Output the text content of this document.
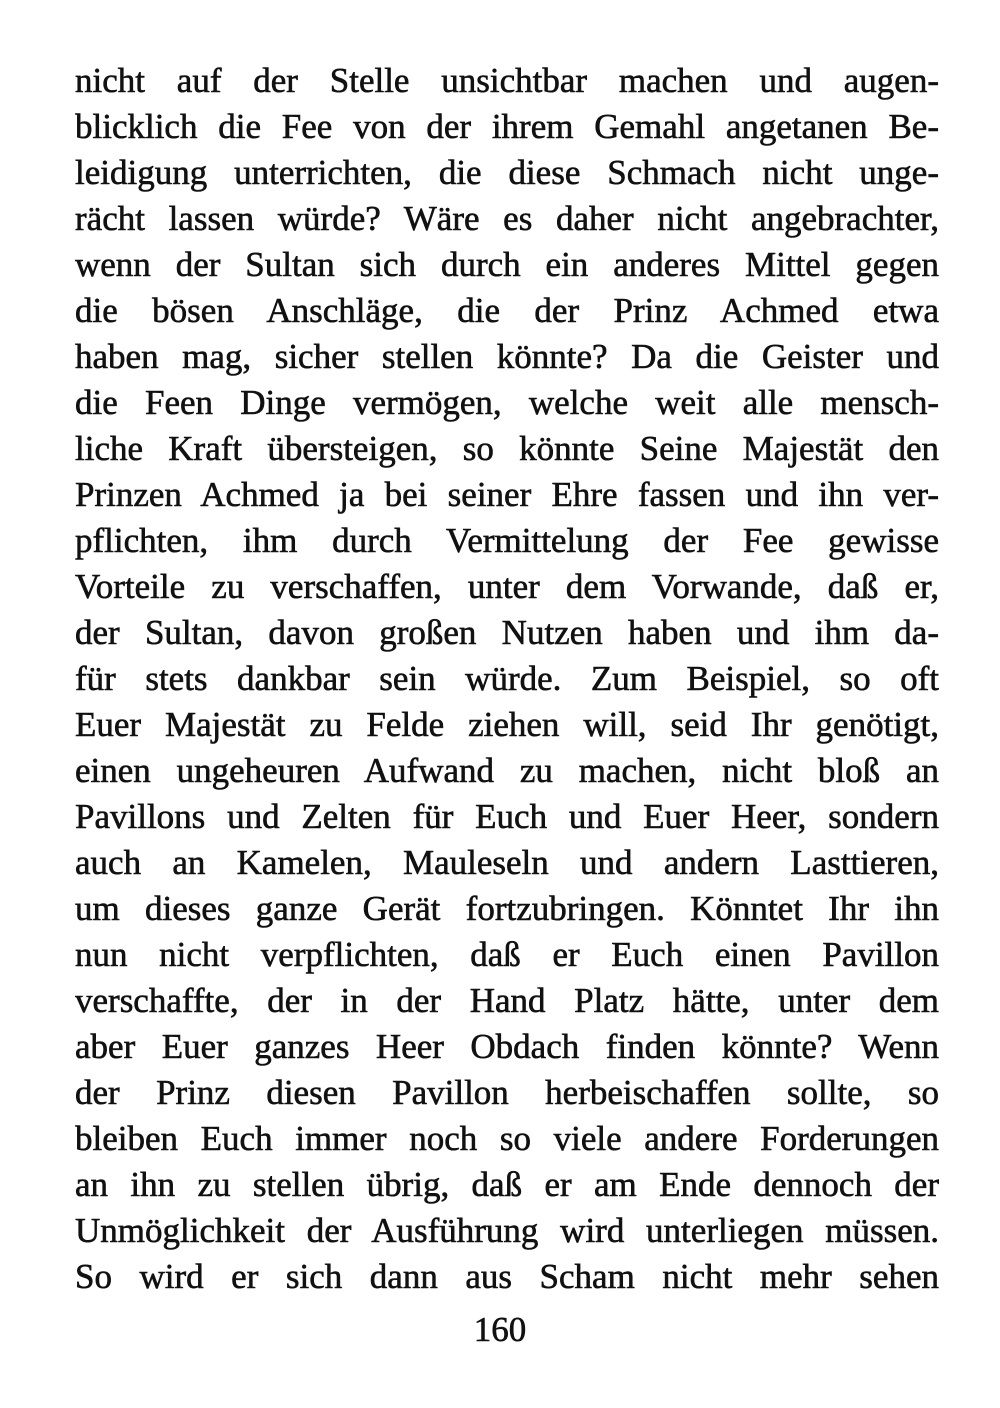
nicht auf der Stelle unsichtbar machen und augen-
blicklich die Fee von der ihrem Gemahl angetanen Be-
leidigung unterrichten, die diese Schmach nicht unge-
rächt lassen würde? Wäre es daher nicht angebrachter,
wenn der Sultan sich durch ein anderes Mittel gegen
die bösen Anschläge, die der Prinz Achmed etwa
haben mag, sicher stellen könnte? Da die Geister und
die Feen Dinge vermögen, welche weit alle mensch-
liche Kraft übersteigen, so könnte Seine Majestät den
Prinzen Achmed ja bei seiner Ehre fassen und ihn ver-
pflichten, ihm durch Vermittelung der Fee gewisse
Vorteile zu verschaffen, unter dem Vorwande, daß er,
der Sultan, davon großen Nutzen haben und ihm da-
für stets dankbar sein würde. Zum Beispiel, so oft
Euer Majestät zu Felde ziehen will, seid Ihr genötigt,
einen ungeheuren Aufwand zu machen, nicht bloß an
Pavillons und Zelten für Euch und Euer Heer, sondern
auch an Kamelen, Mauleseln und andern Lasttieren,
um dieses ganze Gerät fortzubringen. Könntet Ihr ihn
nun nicht verpflichten, daß er Euch einen Pavillon
verschaffte, der in der Hand Platz hätte, unter dem
aber Euer ganzes Heer Obdach finden könnte? Wenn
der Prinz diesen Pavillon herbeischaffen sollte, so
bleiben Euch immer noch so viele andere Forderungen
an ihn zu stellen übrig, daß er am Ende dennoch der
Unmöglichkeit der Ausführung wird unterliegen müssen.
So wird er sich dann aus Scham nicht mehr sehen
160
